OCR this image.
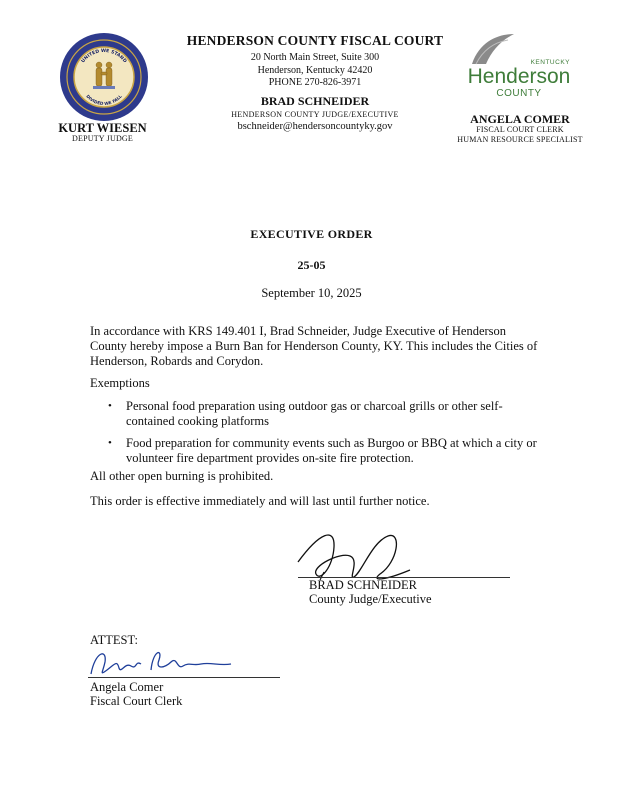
UNITED WE STAND
DIVIDED WE FALL
KURT WIESEN
DEPUTY JUDGE
HENDERSON COUNTY FISCAL COURT
20 North Main Street, Suite 300
Henderson, Kentucky 42420
PHONE 270-826-3971
BRAD SCHNEIDER
HENDERSON COUNTY JUDGE/EXECUTIVE
bschneider@hendersoncountyky.gov
KENTUCKY
Henderson
COUNTY
ANGELA COMER
FISCAL COURT CLERK
HUMAN RESOURCE SPECIALIST
EXECUTIVE ORDER
25-05
September 10, 2025
In accordance with KRS 149.401 I, Brad Schneider, Judge Executive of Henderson County hereby impose a Burn Ban for Henderson County, KY. This includes the Cities of Henderson, Robards and Corydon.
Exemptions
• Personal food preparation using outdoor gas or charcoal grills or other self-contained cooking platforms
• Food preparation for community events such as Burgoo or BBQ at which a city or volunteer fire department provides on-site fire protection.
All other open burning is prohibited.
This order is effective immediately and will last until further notice.
BRAD SCHNEIDER
County Judge/Executive
ATTEST:
Angela Comer
Fiscal Court Clerk
